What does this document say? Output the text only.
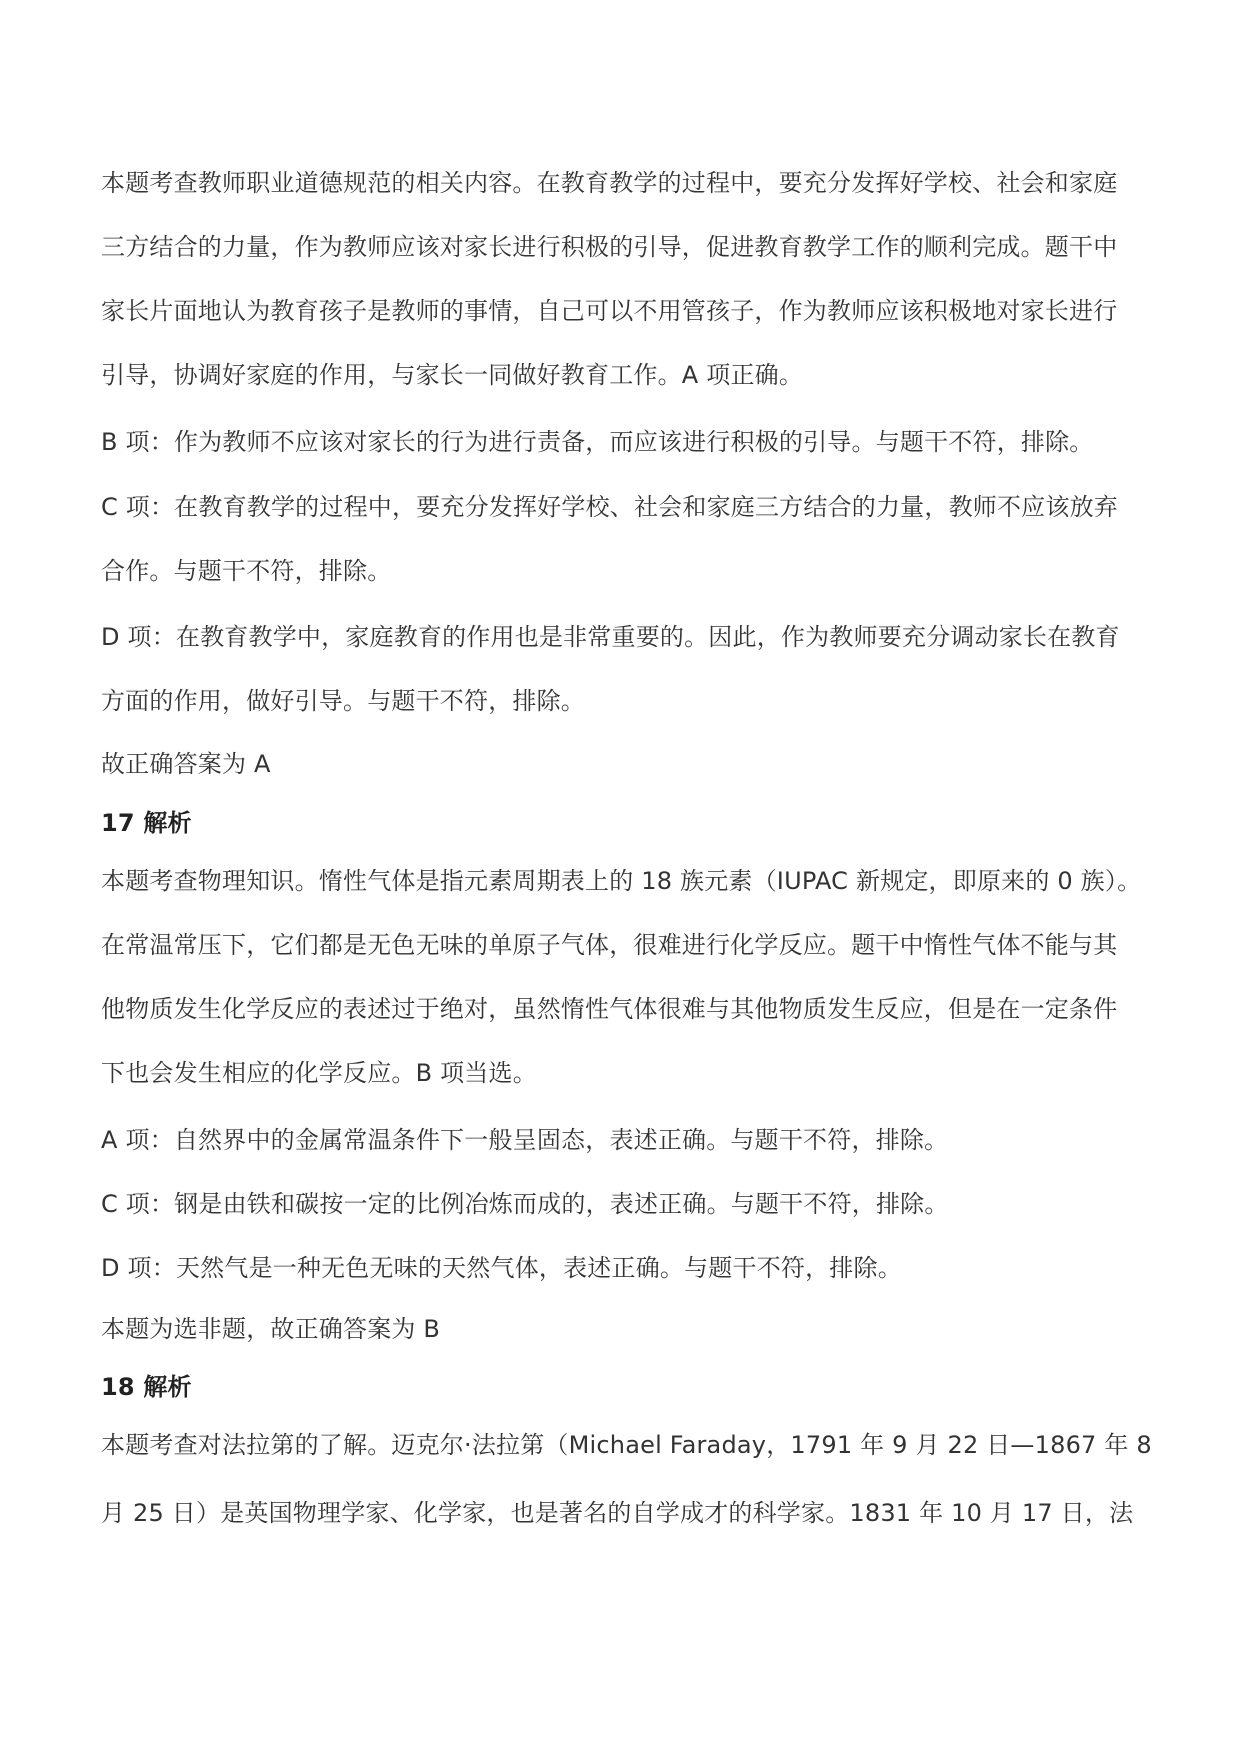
本题考查教师职业道德规范的相关内容。在教育教学的过程中，要充分发挥好学校、社会和家庭
三方结合的力量，作为教师应该对家长进行积极的引导，促进教育教学工作的顺利完成。题干中
家长片面地认为教育孩子是教师的事情，自己可以不用管孩子，作为教师应该积极地对家长进行
引导，协调好家庭的作用，与家长一同做好教育工作。A 项正确。
B 项：作为教师不应该对家长的行为进行责备，而应该进行积极的引导。与题干不符，排除。
C 项：在教育教学的过程中，要充分发挥好学校、社会和家庭三方结合的力量，教师不应该放弃
合作。与题干不符，排除。
D 项：在教育教学中，家庭教育的作用也是非常重要的。因此，作为教师要充分调动家长在教育
方面的作用，做好引导。与题干不符，排除。
故正确答案为 A
17 解析
本题考查物理知识。惰性气体是指元素周期表上的 18 族元素（IUPAC 新规定，即原来的 0 族）。
在常温常压下，它们都是无色无味的单原子气体，很难进行化学反应。题干中惰性气体不能与其
他物质发生化学反应的表述过于绝对，虽然惰性气体很难与其他物质发生反应，但是在一定条件
下也会发生相应的化学反应。B 项当选。
A 项：自然界中的金属常温条件下一般呈固态，表述正确。与题干不符，排除。
C 项：钢是由铁和碳按一定的比例冶炼而成的，表述正确。与题干不符，排除。
D 项：天然气是一种无色无味的天然气体，表述正确。与题干不符，排除。
本题为选非题，故正确答案为 B
18 解析
本题考查对法拉第的了解。迈克尔·法拉第（Michael Faraday，1791 年 9 月 22 日—1867 年 8
月 25 日）是英国物理学家、化学家，也是著名的自学成才的科学家。1831 年 10 月 17 日，法
